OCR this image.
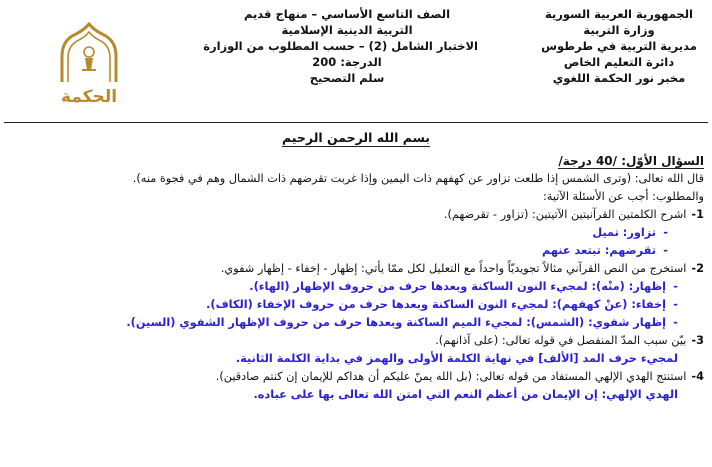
الجمهورية العربية السورية
وزارة التربية
مديرية التربية في طرطوس
دائرة التعليم الخاص
مخبر نور الحكمة اللغوي
الصف التاسع الأساسي – منهاج قديم
التربية الدينية الإسلامية
الاختبار الشامل (2) – حسب المطلوب من الوزارة
الدرجة: 200
سلم التصحيح
الحكمة
بسم الله الرحمن الرحيم
السؤال الأوّل: /40 درجة/
قال الله تعالى: (وترى الشمس إذا طلعت تزاور عن كهفهم ذات اليمين وإذا غربت تقرضهم ذات الشمال وهم في فجوة منه).
والمطلوب: أجب عن الأسئلة الآتية:
1- اشرح الكلمتين القرآنيتين الآتيتين: (تزاور - تقرضهم).
-تزاور: تميل
-تقرضهم: تبتعد عنهم
2- استخرج من النص القرآني مثالاً تجويديّاً واحداً مع التعليل لكل ممّا يأتي: إظهار - إخفاء - إظهار شفوي.
-إظهار: (منْه): لمجيء النون الساكنة وبعدها حرف من حروف الإظهار (الهاء).
-إخفاء: (عنْ كهفهم): لمجيء النون الساكنة وبعدها حرف من حروف الإخفاء (الكاف).
-إظهار شفوي: (الشمس): لمجيء الميم الساكنة وبعدها حرف من حروف الإظهار الشفوي (السين).
3- بيّن سبب المدّ المنفصل في قوله تعالى: (على آذانهم).
لمجيء حرف المد [الألف] في نهاية الكلمة الأولى والهمز في بداية الكلمة الثانية.
4- استنتج الهدي الإلهي المستفاد من قوله تعالى: (بل الله يمنّ عليكم أن هداكم للإيمان إن كنتم صادقين).
الهدي الإلهي: إن الإيمان من أعظم النعم التي امتن الله تعالى بها على عباده.
